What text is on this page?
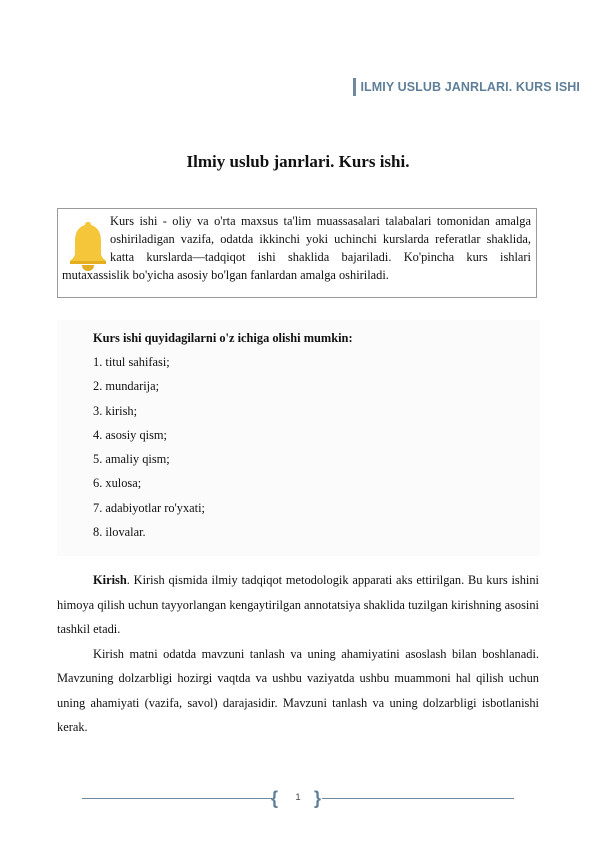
ILMIY USLUB JANRLARI. KURS ISHI
Ilmiy uslub janrlari. Kurs ishi.
Kurs ishi - oliy va o'rta maxsus ta'lim muassasalari talabalari tomonidan amalga oshiriladigan vazifa, odatda ikkinchi yoki uchinchi kurslarda referatlar shaklida, katta kurslarda—tadqiqot ishi shaklida bajariladi. Ko'pincha kurs ishlari mutaxassislik bo'yicha asosiy bo'lgan fanlardan amalga oshiriladi.
Kurs ishi quyidagilarni o'z ichiga olishi mumkin:
1. titul sahifasi;
2. mundarija;
3. kirish;
4. asosiy qism;
5. amaliy qism;
6. xulosa;
7. adabiyotlar ro'yxati;
8. ilovalar.

Kirish. Kirish qismida ilmiy tadqiqot metodologik apparati aks ettirilgan. Bu kurs ishini himoya qilish uchun tayyorlangan kengaytirilgan annotatsiya shaklida tuzilgan kirishning asosini tashkil etadi.

Kirish matni odatda mavzuni tanlash va uning ahamiyatini asoslash bilan boshlanadi. Mavzuning dolzarbligi hozirgi vaqtda va ushbu vaziyatda ushbu muammoni hal qilish uchun uning ahamiyati (vazifa, savol) darajasidir. Mavzuni tanlash va uning dolzarbligi isbotlanishi kerak.

{ }
1
